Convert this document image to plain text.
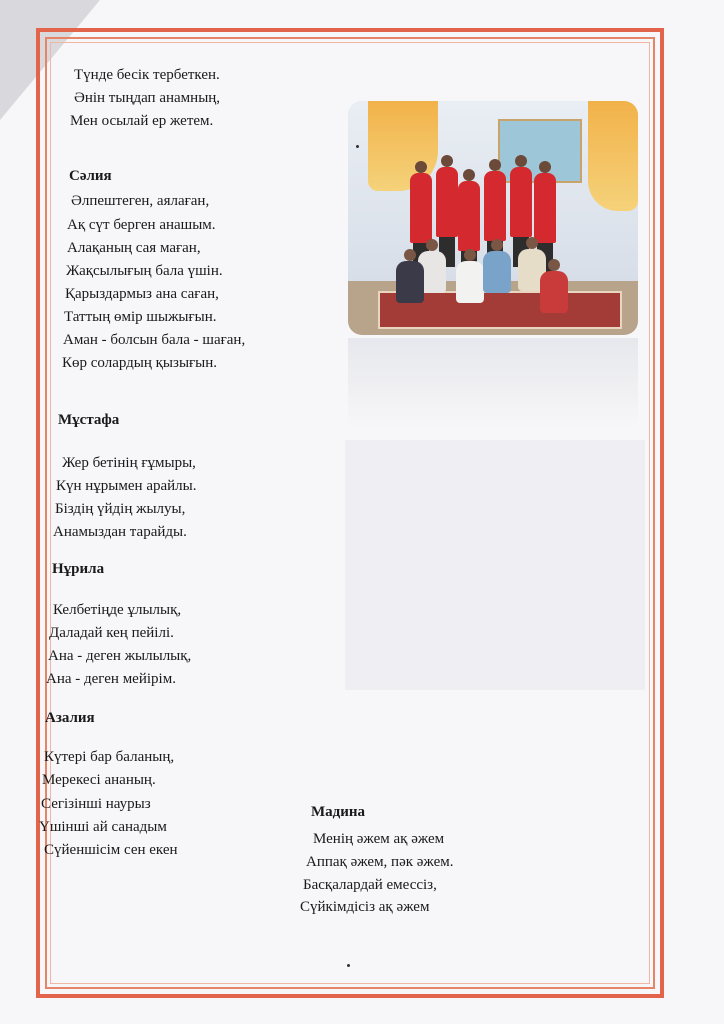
Түнде бесік тербеткен.
Әнін тыңдап анамның,
Мен осылай ер жетем.
Сәлия
Әлпештеген, аялаған,
Ақ сүт берген анашым.
Алақаның сая маған,
Жақсылығың бала үшін.
Қарыздармыз ана саған,
Таттың өмір шыжығын.
Аман - болсын бала - шаған,
Көр солардың қызығын.
Мұстафа
Жер бетінің ғұмыры,
Күн нұрымен арайлы.
Біздің үйдің жылуы,
Анамыздан тарайды.
Нұрила
Келбетіңде ұлылық,
Даладай кең пейілі.
Ана - деген жылылық,
Ана - деген мейірім.
Азалия
Күтері бар баланың,
Мерекесі ананың.
Сегізінші наурыз
Үшінші ай санадым
Сүйеншісім сен екен
Мадина
Менің әжем ақ әжем
Аппақ әжем, пәк әжем.
Басқалардай емессіз,
Сүйкімдісіз ақ әжем
